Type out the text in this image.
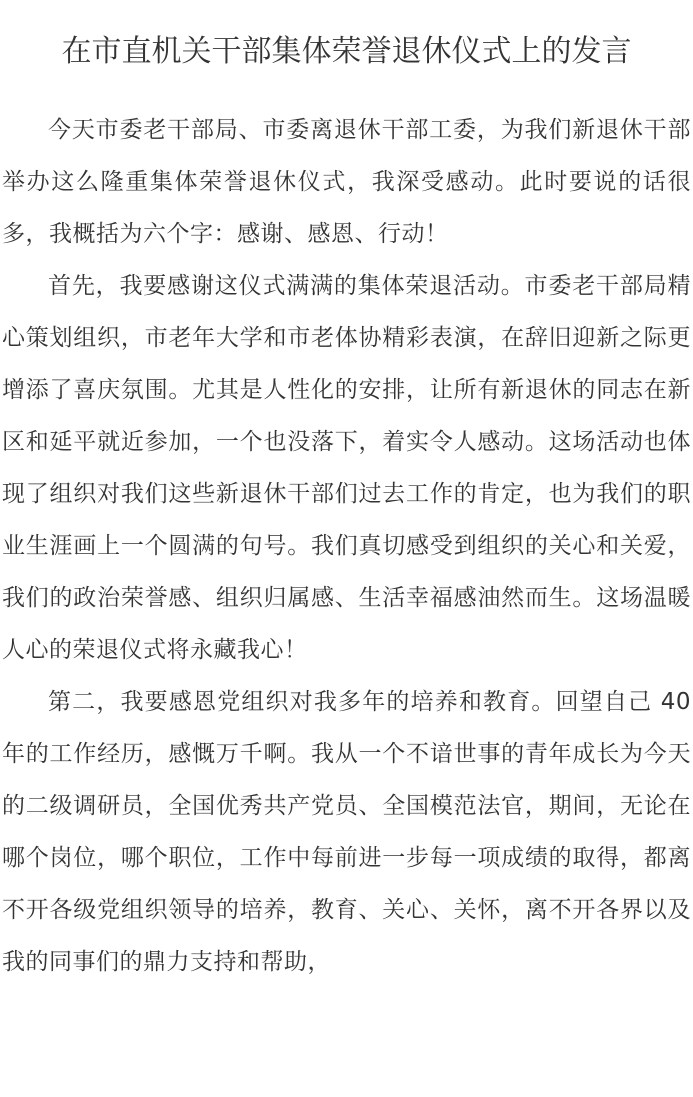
在市直机关干部集体荣誉退休仪式上的发言

今天市委老干部局、市委离退休干部工委，为我们新退休干部举办这么隆重集体荣誉退休仪式，我深受感动。此时要说的话很多，我概括为六个字：感谢、感恩、行动！

首先，我要感谢这仪式满满的集体荣退活动。市委老干部局精心策划组织，市老年大学和市老体协精彩表演，在辞旧迎新之际更增添了喜庆氛围。尤其是人性化的安排，让所有新退休的同志在新区和延平就近参加，一个也没落下，着实令人感动。这场活动也体现了组织对我们这些新退休干部们过去工作的肯定，也为我们的职业生涯画上一个圆满的句号。我们真切感受到组织的关心和关爱，我们的政治荣誉感、组织归属感、生活幸福感油然而生。这场温暖人心的荣退仪式将永藏我心！

第二，我要感恩党组织对我多年的培养和教育。回望自己 40 年的工作经历，感慨万千啊。我从一个不谙世事的青年成长为今天的二级调研员，全国优秀共产党员、全国模范法官，期间，无论在哪个岗位，哪个职位，工作中每前进一步每一项成绩的取得，都离不开各级党组织领导的培养，教育、关心、关怀，离不开各界以及我的同事们的鼎力支持和帮助，
